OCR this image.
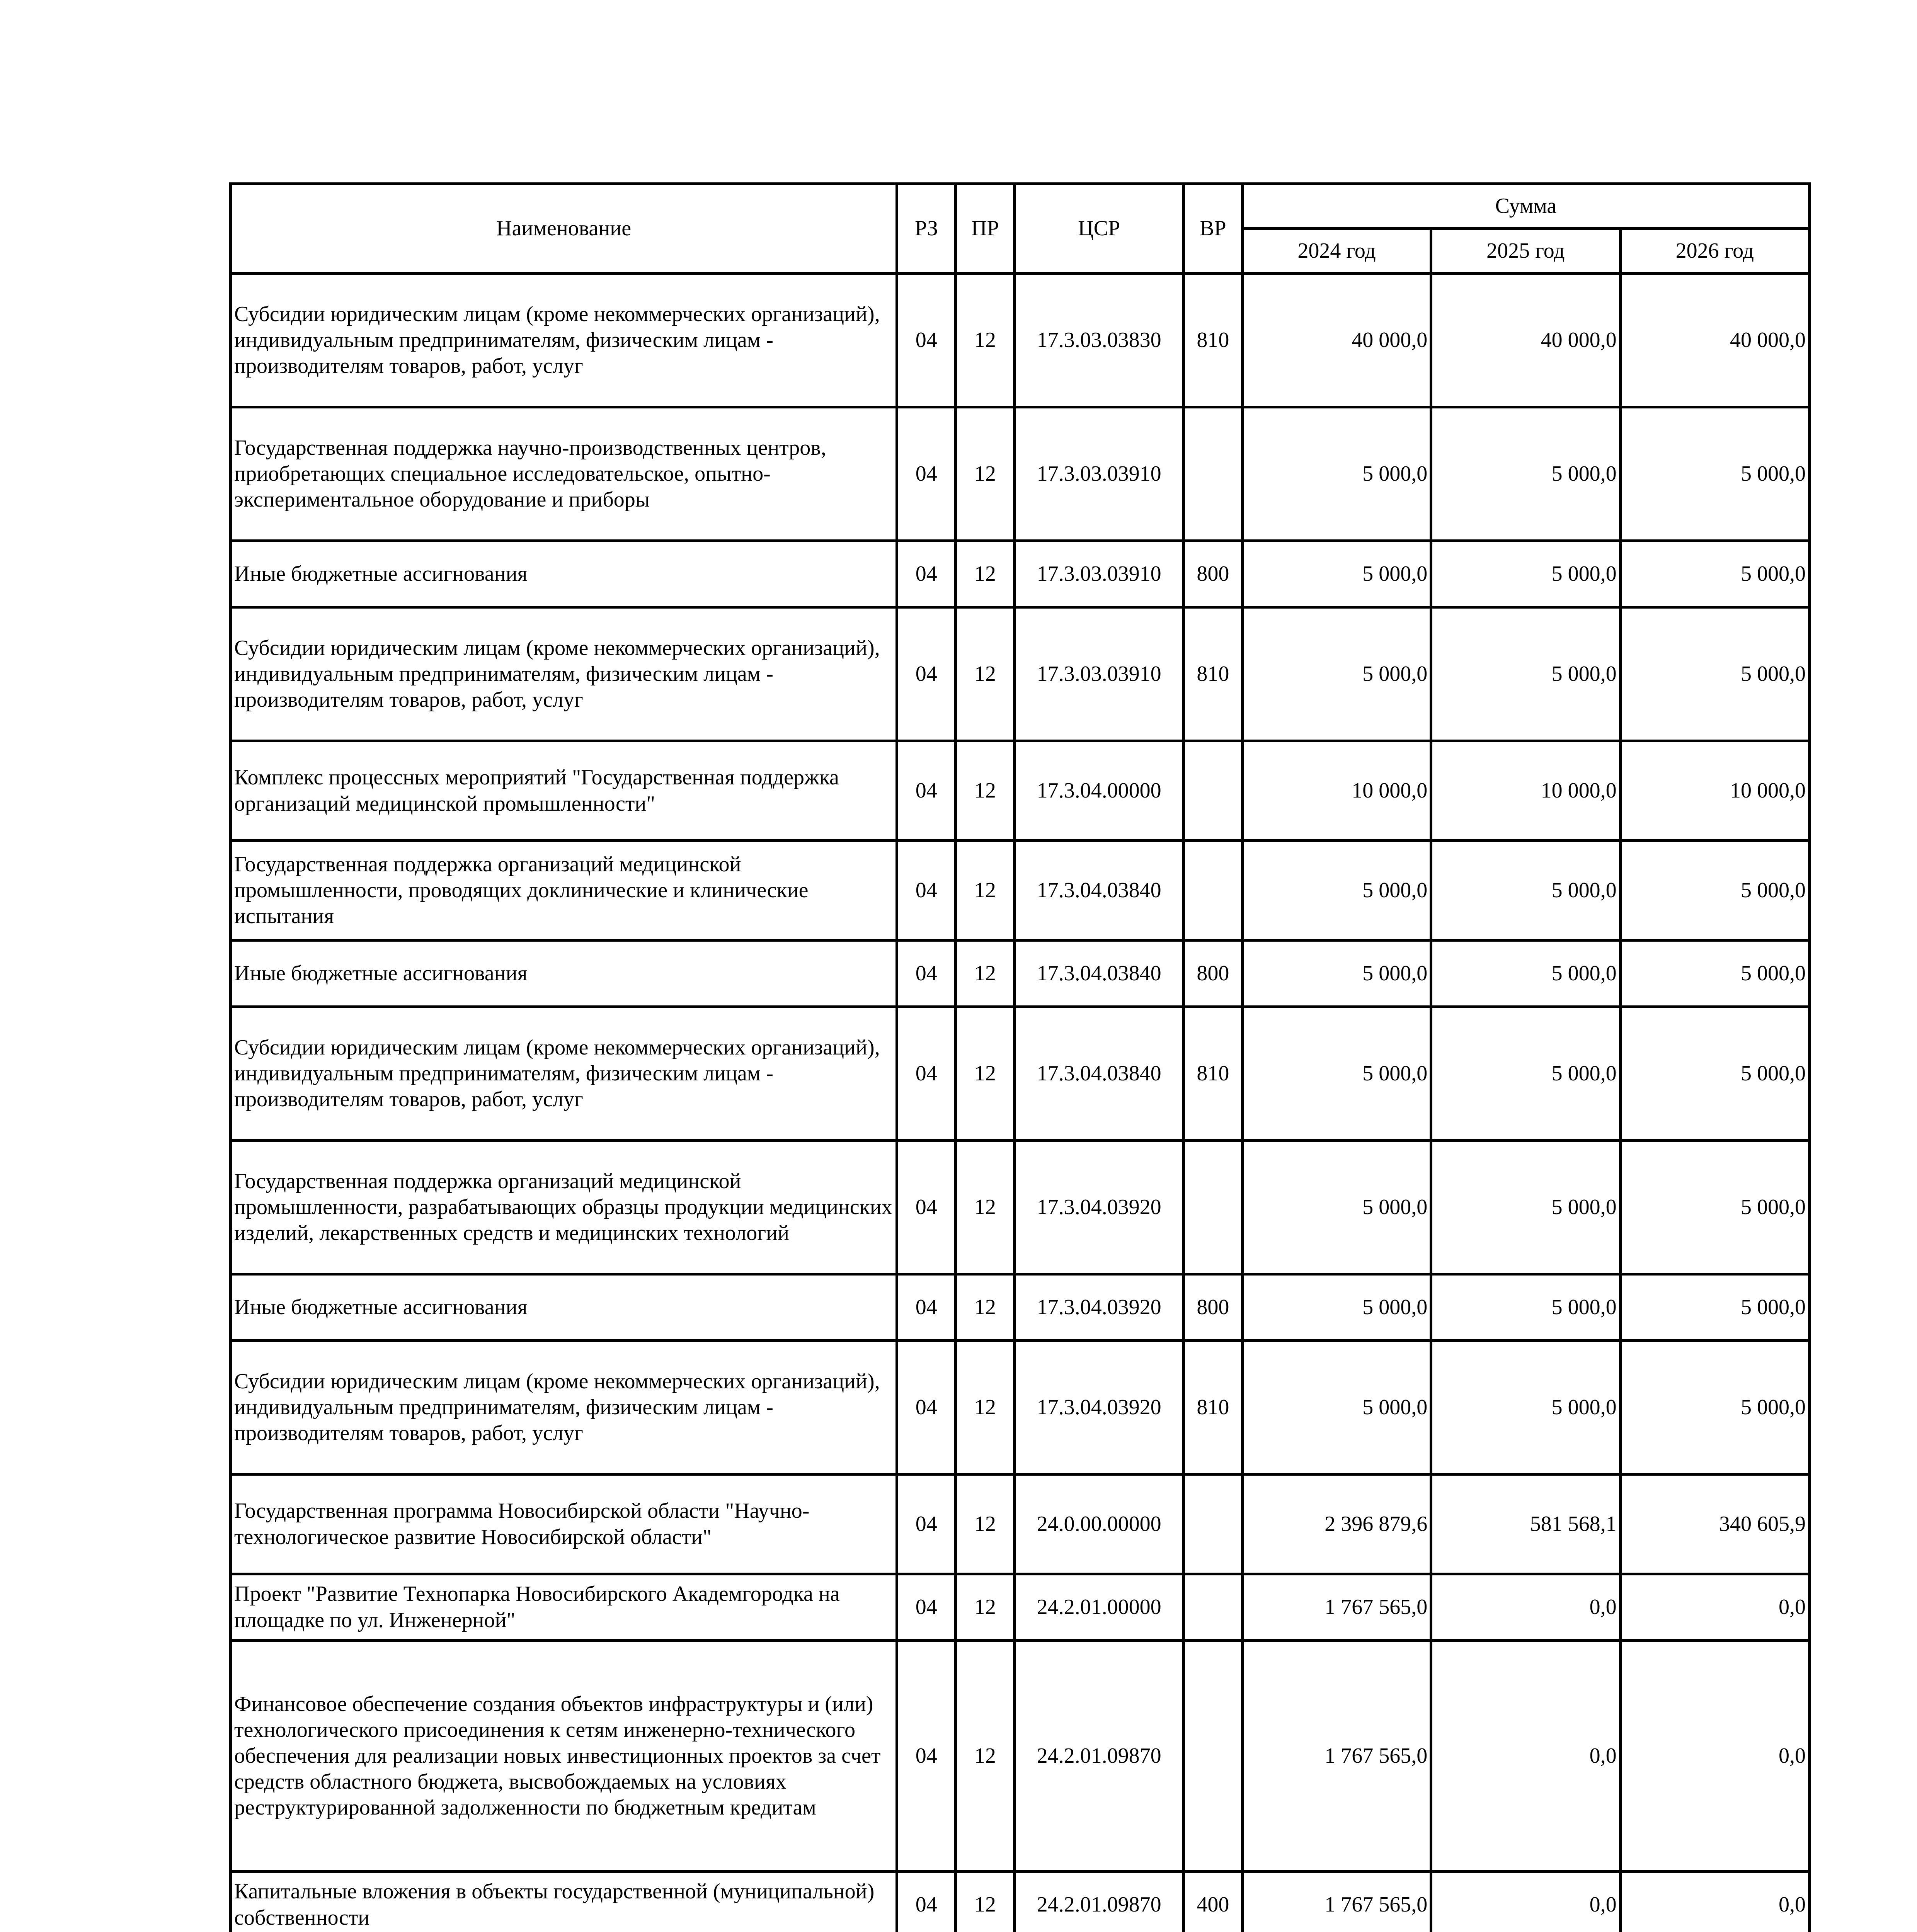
Наименование	РЗ	ПР	ЦСР	ВР	Сумма		
					2024 год	2025 год	2026 год
Субсидии юридическим лицам (кроме некоммерческих организаций), индивидуальным предпринимателям, физическим лицам - производителям товаров, работ, услуг	04	12	17.3.03.03830	810	40 000,0	40 000,0	40 000,0
Государственная поддержка научно-производственных центров, приобретающих специальное исследовательское, опытно-экспериментальное оборудование и приборы	04	12	17.3.03.03910		5 000,0	5 000,0	5 000,0
Иные бюджетные ассигнования	04	12	17.3.03.03910	800	5 000,0	5 000,0	5 000,0
Субсидии юридическим лицам (кроме некоммерческих организаций), индивидуальным предпринимателям, физическим лицам - производителям товаров, работ, услуг	04	12	17.3.03.03910	810	5 000,0	5 000,0	5 000,0
Комплекс процессных мероприятий "Государственная поддержка организаций медицинской промышленности"	04	12	17.3.04.00000		10 000,0	10 000,0	10 000,0
Государственная поддержка организаций медицинской промышленности, проводящих доклинические и клинические испытания	04	12	17.3.04.03840		5 000,0	5 000,0	5 000,0
Иные бюджетные ассигнования	04	12	17.3.04.03840	800	5 000,0	5 000,0	5 000,0
Субсидии юридическим лицам (кроме некоммерческих организаций), индивидуальным предпринимателям, физическим лицам - производителям товаров, работ, услуг	04	12	17.3.04.03840	810	5 000,0	5 000,0	5 000,0
Государственная поддержка организаций медицинской промышленности, разрабатывающих образцы продукции медицинских изделий, лекарственных средств и медицинских технологий	04	12	17.3.04.03920		5 000,0	5 000,0	5 000,0
Иные бюджетные ассигнования	04	12	17.3.04.03920	800	5 000,0	5 000,0	5 000,0
Субсидии юридическим лицам (кроме некоммерческих организаций), индивидуальным предпринимателям, физическим лицам - производителям товаров, работ, услуг	04	12	17.3.04.03920	810	5 000,0	5 000,0	5 000,0
Государственная программа Новосибирской области "Научно-технологическое развитие Новосибирской области"	04	12	24.0.00.00000		2 396 879,6	581 568,1	340 605,9
Проект "Развитие Технопарка Новосибирского Академгородка на площадке по ул. Инженерной"	04	12	24.2.01.00000		1 767 565,0	0,0	0,0
Финансовое обеспечение создания объектов инфраструктуры и (или) технологического присоединения к сетям инженерно-технического обеспечения для реализации новых инвестиционных проектов за счет средств областного бюджета, высвобождаемых на условиях реструктурированной задолженности по бюджетным кредитам	04	12	24.2.01.09870		1 767 565,0	0,0	0,0
Капитальные вложения в объекты государственной (муниципальной) собственности	04	12	24.2.01.09870	400	1 767 565,0	0,0	0,0
